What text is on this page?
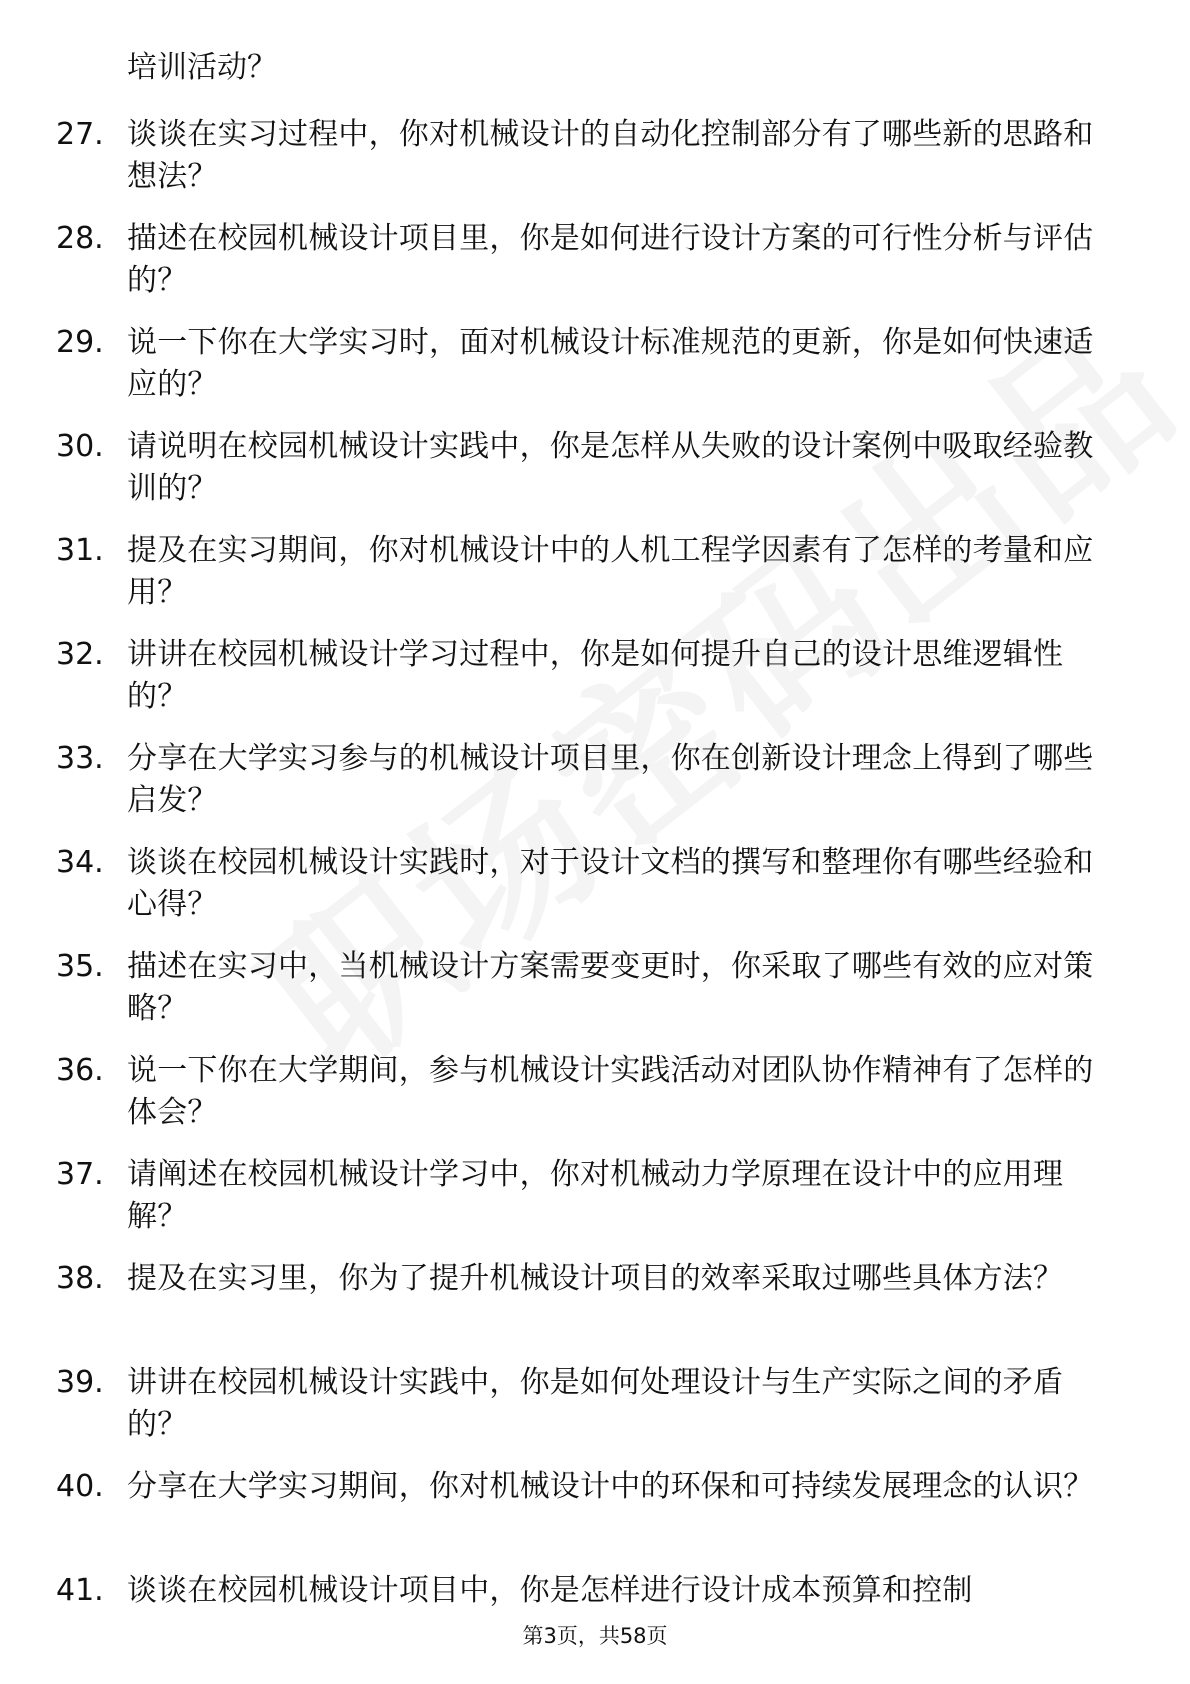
培训活动？
27. 谈谈在实习过程中，你对机械设计的自动化控制部分有了哪些新的思路和想法？
28. 描述在校园机械设计项目里，你是如何进行设计方案的可行性分析与评估的？
29. 说一下你在大学实习时，面对机械设计标准规范的更新，你是如何快速适应的？
30. 请说明在校园机械设计实践中，你是怎样从失败的设计案例中吸取经验教训的？
31. 提及在实习期间，你对机械设计中的人机工程学因素有了怎样的考量和应用？
32. 讲讲在校园机械设计学习过程中，你是如何提升自己的设计思维逻辑性的？
33. 分享在大学实习参与的机械设计项目里，你在创新设计理念上得到了哪些启发？
34. 谈谈在校园机械设计实践时，对于设计文档的撰写和整理你有哪些经验和心得？
35. 描述在实习中，当机械设计方案需要变更时，你采取了哪些有效的应对策略？
36. 说一下你在大学期间，参与机械设计实践活动对团队协作精神有了怎样的体会？
37. 请阐述在校园机械设计学习中，你对机械动力学原理在设计中的应用理解？
38. 提及在实习里，你为了提升机械设计项目的效率采取过哪些具体方法？
39. 讲讲在校园机械设计实践中，你是如何处理设计与生产实际之间的矛盾的？
40. 分享在大学实习期间，你对机械设计中的环保和可持续发展理念的认识？
41. 谈谈在校园机械设计项目中，你是怎样进行设计成本预算和控制
第3页，共58页
